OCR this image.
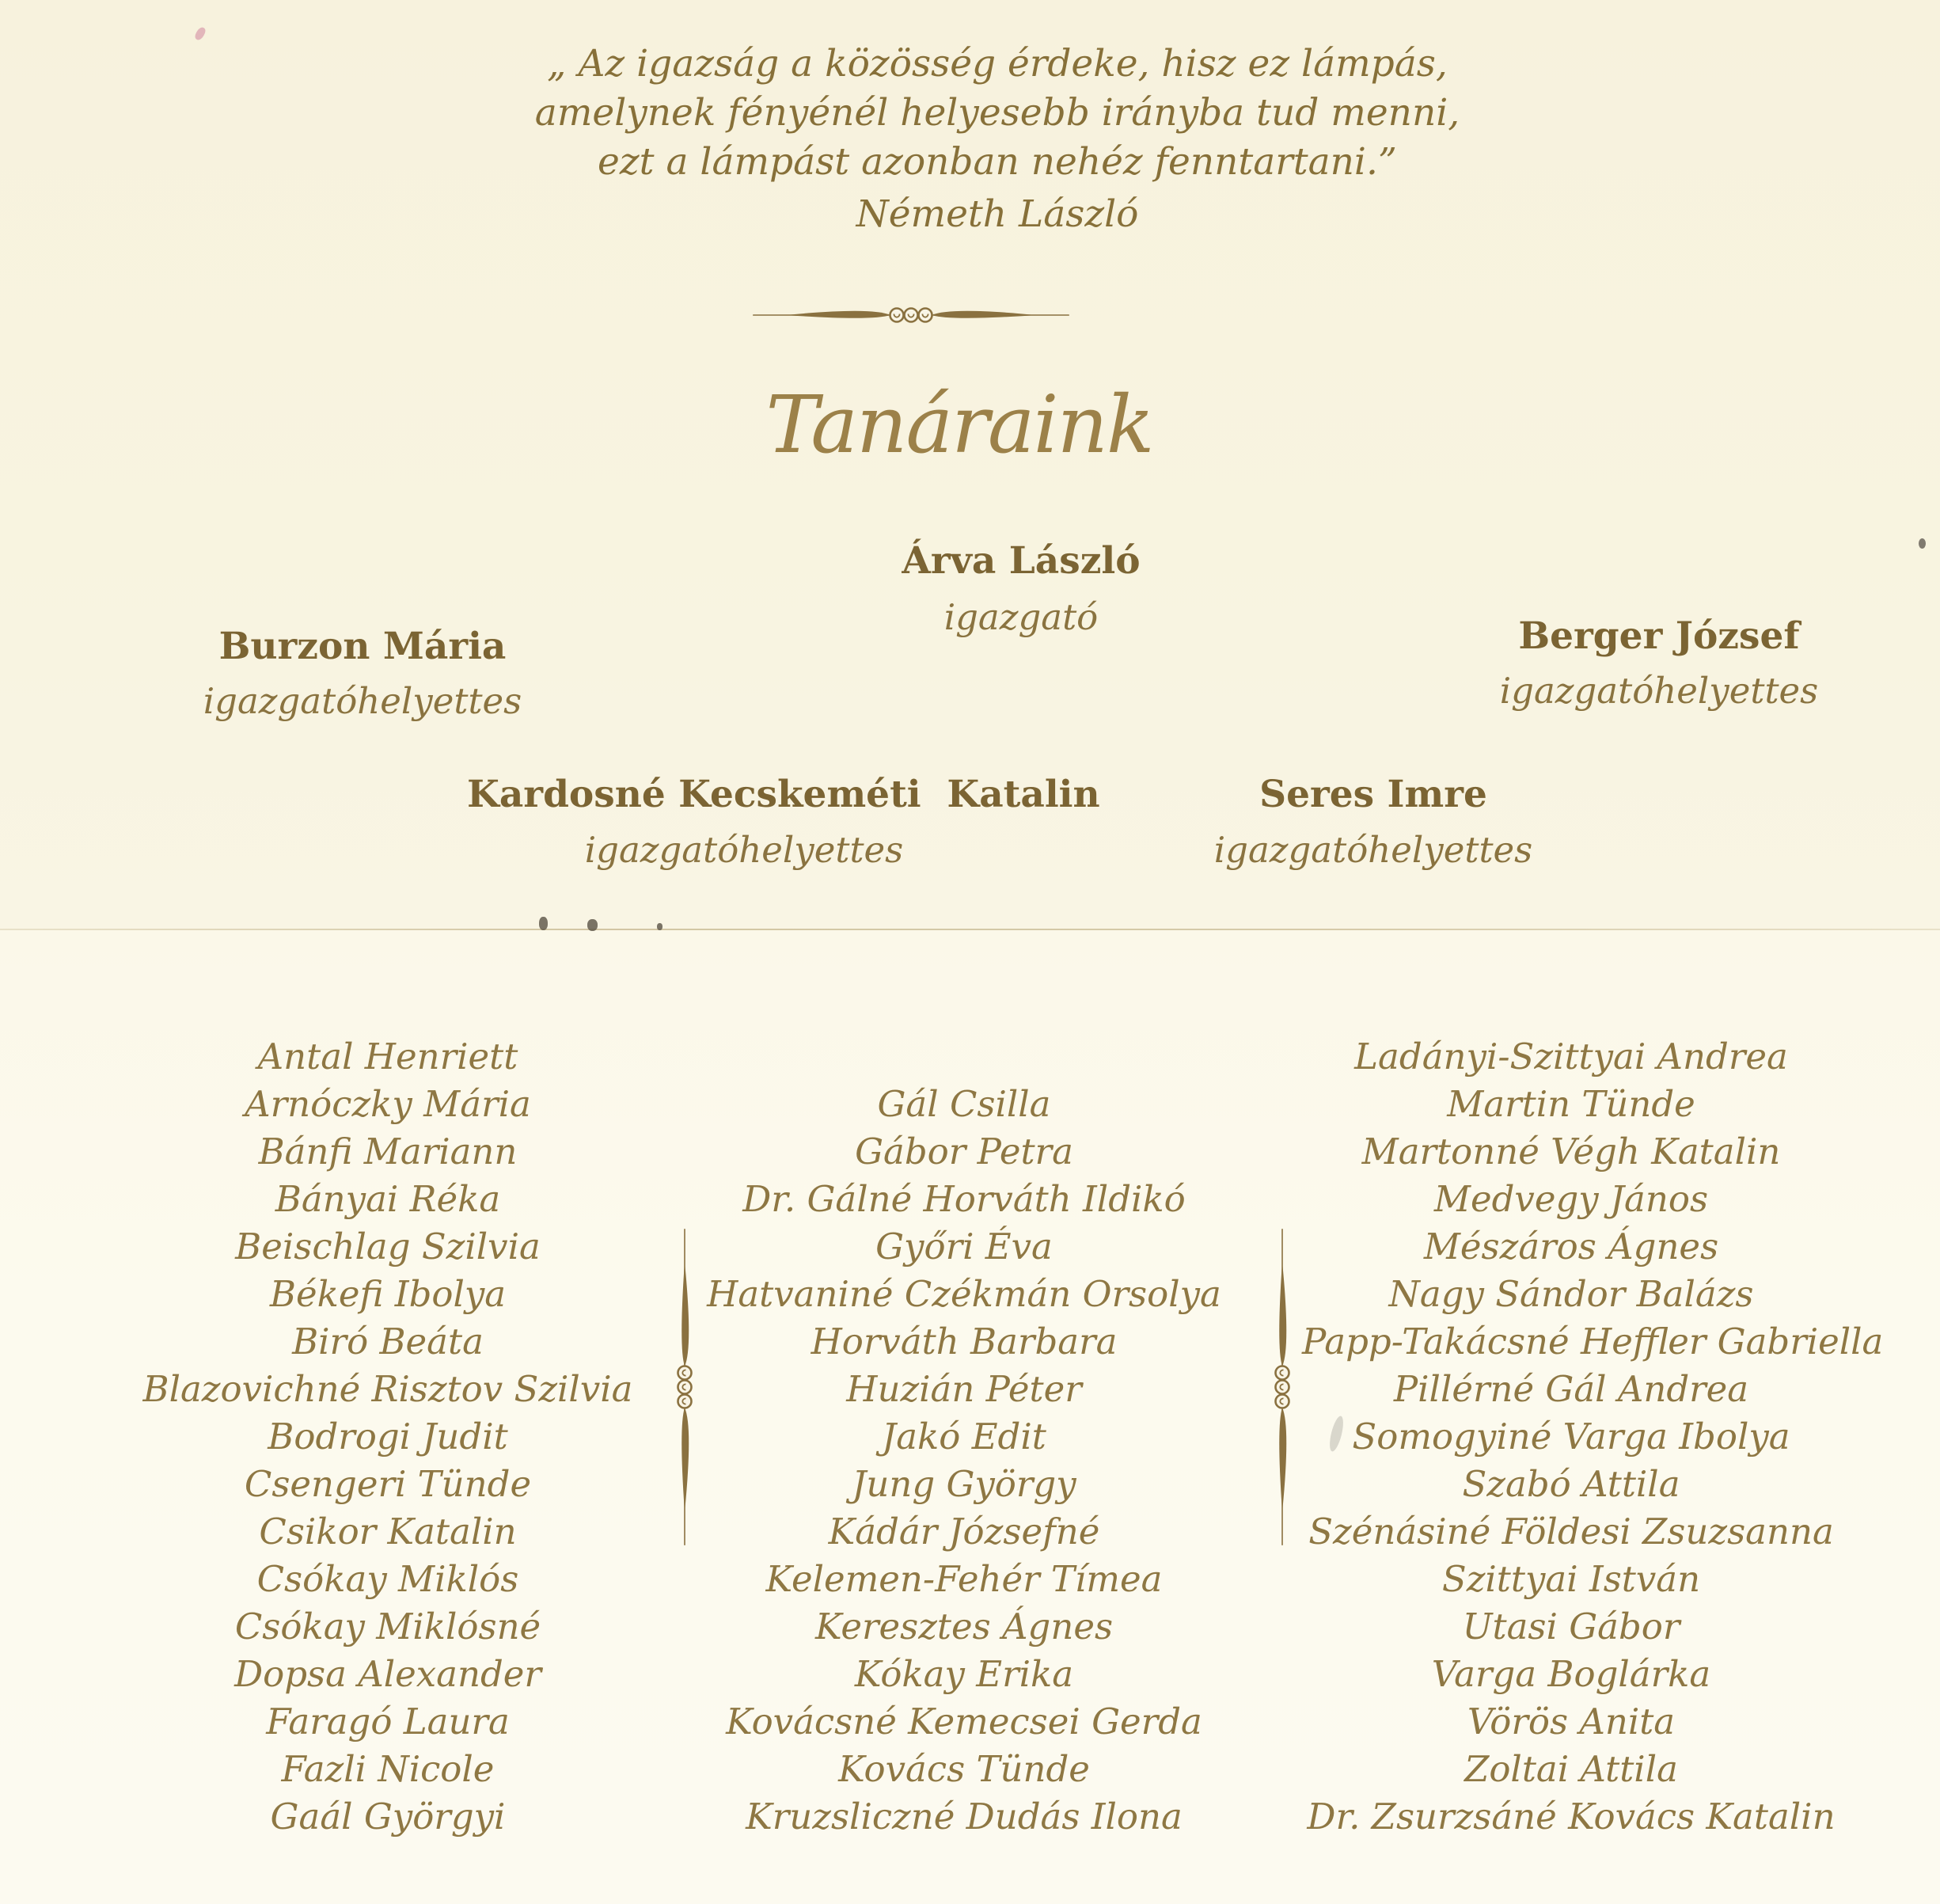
„ Az igazság a közösség érdeke, hisz ez lámpás,
amelynek fényénél helyesebb irányba tud menni,
ezt a lámpást azonban nehéz fenntartani.”
Németh László
Tanáraink
Árva László
igazgató
Burzon Mária
igazgatóhelyettes
Berger József
igazgatóhelyettes
Kardosné Kecskeméti  Katalin
igazgatóhelyettes
Seres Imre
igazgatóhelyettes
Antal Henriett
Arnóczky Mária
Bánfi Mariann
Bányai Réka
Beischlag Szilvia
Békefi Ibolya
Biró Beáta
Blazovichné Risztov Szilvia
Bodrogi Judit
Csengeri Tünde
Csikor Katalin
Csókay Miklós
Csókay Miklósné
Dopsa Alexander
Faragó Laura
Fazli Nicole
Gaál Györgyi
Gál Csilla
Gábor Petra
Dr. Gálné Horváth Ildikó
Győri Éva
Hatvaniné Czékmán Orsolya
Horváth Barbara
Huzián Péter
Jakó Edit
Jung György
Kádár Józsefné
Kelemen-Fehér Tímea
Keresztes Ágnes
Kókay Erika
Kovácsné Kemecsei Gerda
Kovács Tünde
Kruzsliczné Dudás Ilona
Ladányi-Szittyai Andrea
Martin Tünde
Martonné Végh Katalin
Medvegy János
Mészáros Ágnes
Nagy Sándor Balázs
Papp-Takácsné Heffler Gabriella
Pillérné Gál Andrea
Somogyiné Varga Ibolya
Szabó Attila
Szénásiné Földesi Zsuzsanna
Szittyai István
Utasi Gábor
Varga Boglárka
Vörös Anita
Zoltai Attila
Dr. Zsurzsáné Kovács Katalin
